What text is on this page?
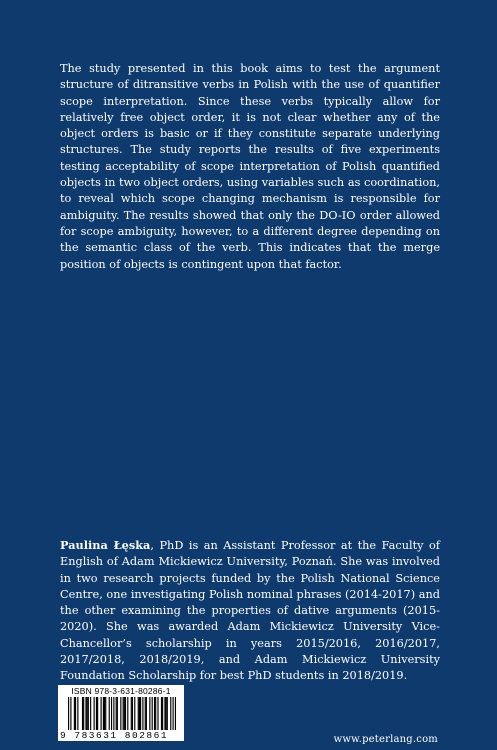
The study presented in this book aims to test the argument structure of ditransitive verbs in Polish with the use of quantifier scope interpretation. Since these verbs typically allow for relatively free object order, it is not clear whether any of the object orders is basic or if they constitute separate underlying structures. The study reports the results of five experiments testing acceptability of scope interpretation of Polish quantified objects in two object orders, using variables such as coordination, to reveal which scope changing mechanism is responsible for ambiguity. The results showed that only the DO-IO order allowed for scope ambiguity, however, to a different degree depending on the semantic class of the verb. This indicates that the merge position of objects is contingent upon that factor.

Paulina Łęska, PhD is an Assistant Professor at the Faculty of English of Adam Mickiewicz University, Poznań. She was involved in two research projects funded by the Polish National Science Centre, one investigating Polish nominal phrases (2014-2017) and the other examining the properties of dative arguments (2015-2020). She was awarded Adam Mickiewicz University Vice-Chancellor’s scholarship in years 2015/2016, 2016/2017, 2017/2018, 2018/2019, and Adam Mickiewicz University Foundation Scholarship for best PhD students in 2018/2019.

ISBN 978-3-631-80286-1
9 783631 802861	www.peterlang.com
